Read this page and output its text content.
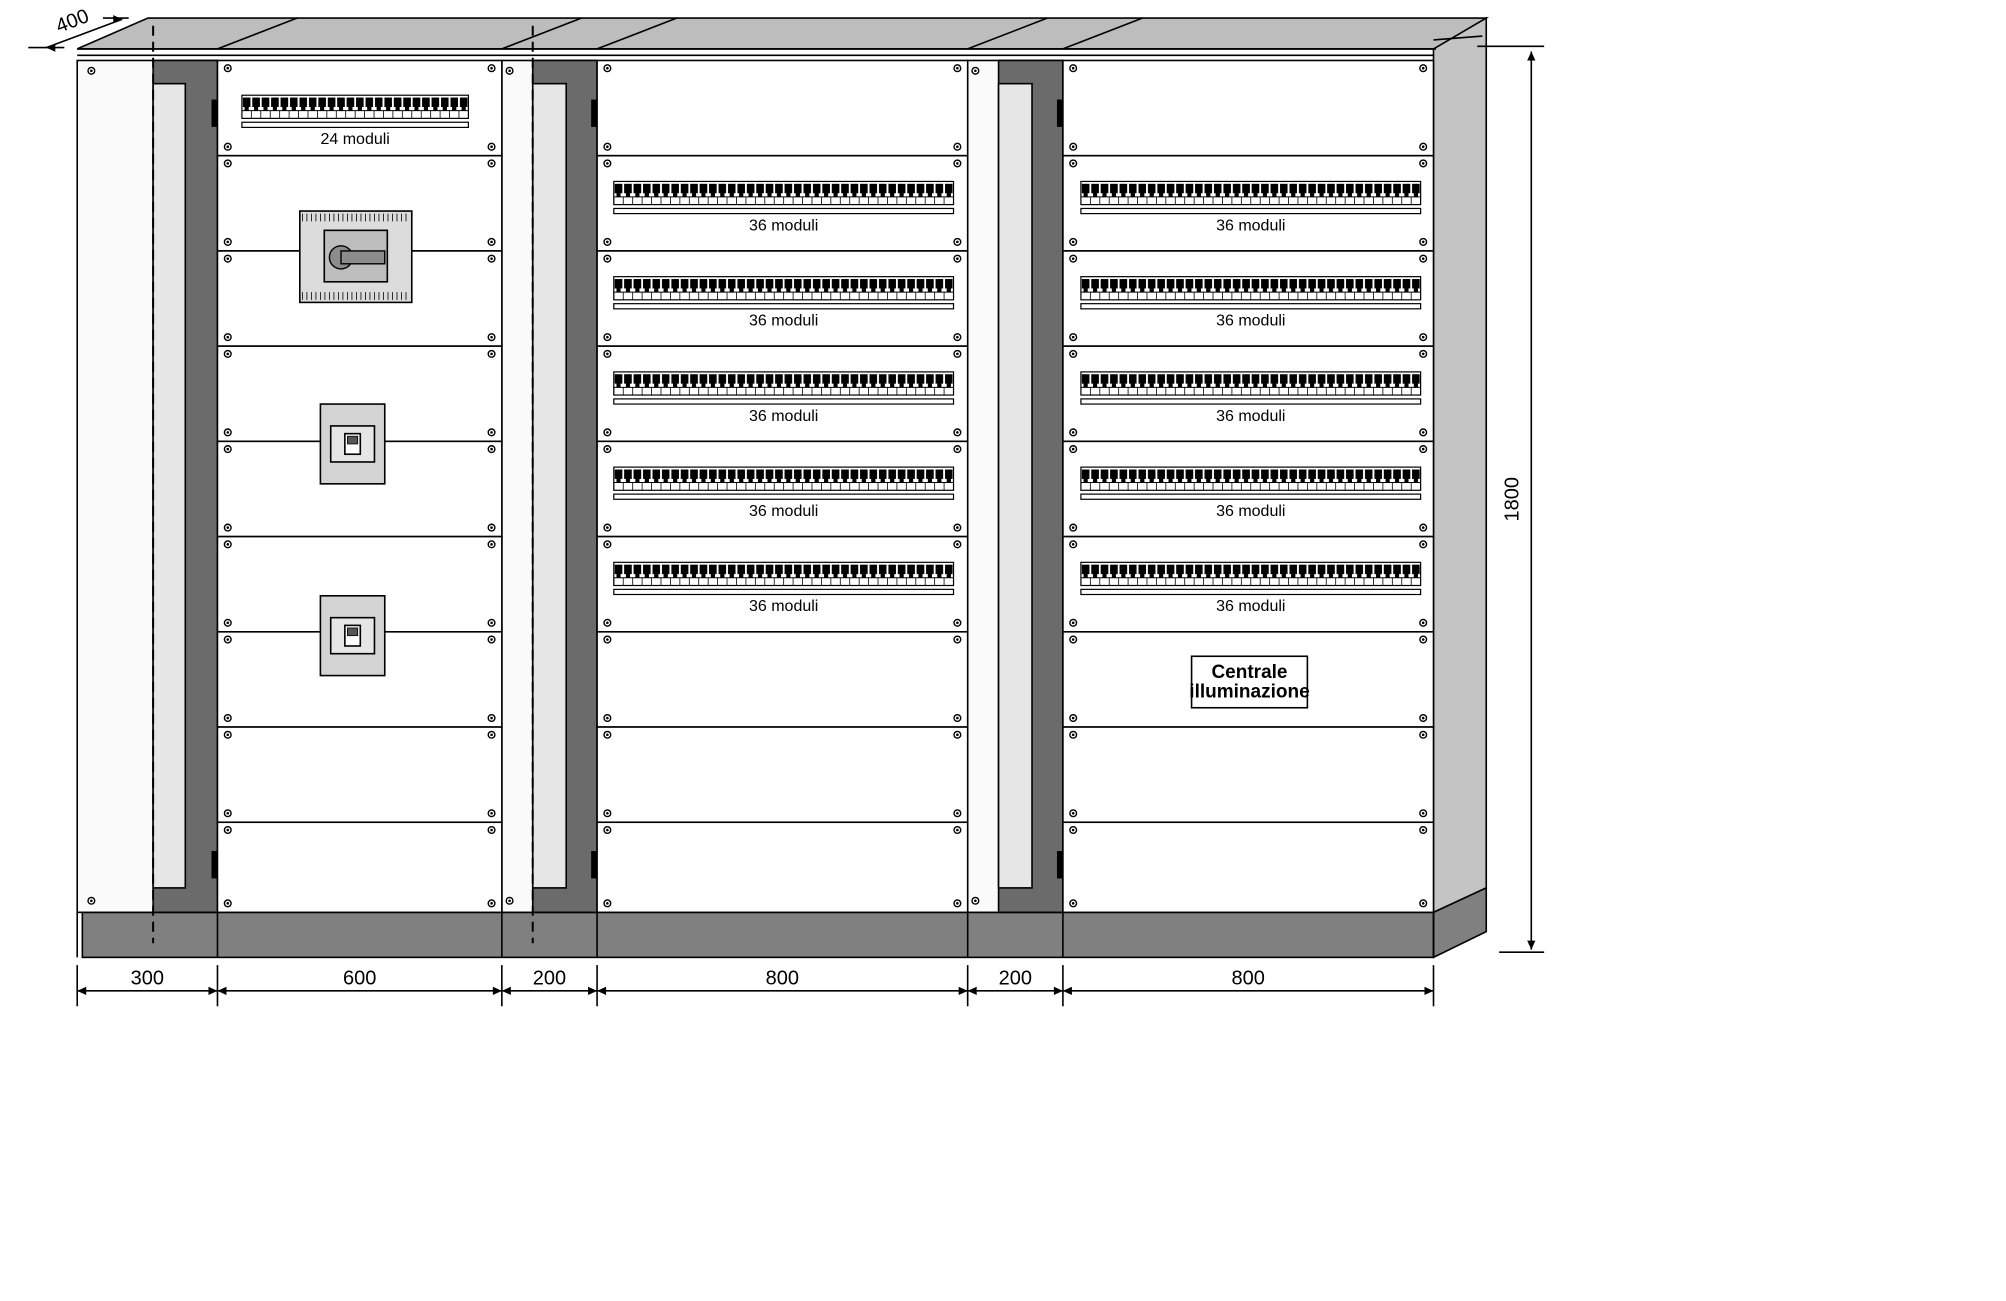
400
1800
300	600	200	800	200	800
24 moduli
36 moduli
36 moduli
36 moduli
36 moduli
36 moduli
36 moduli
36 moduli
36 moduli
36 moduli
36 moduli
Centrale
illuminazione
